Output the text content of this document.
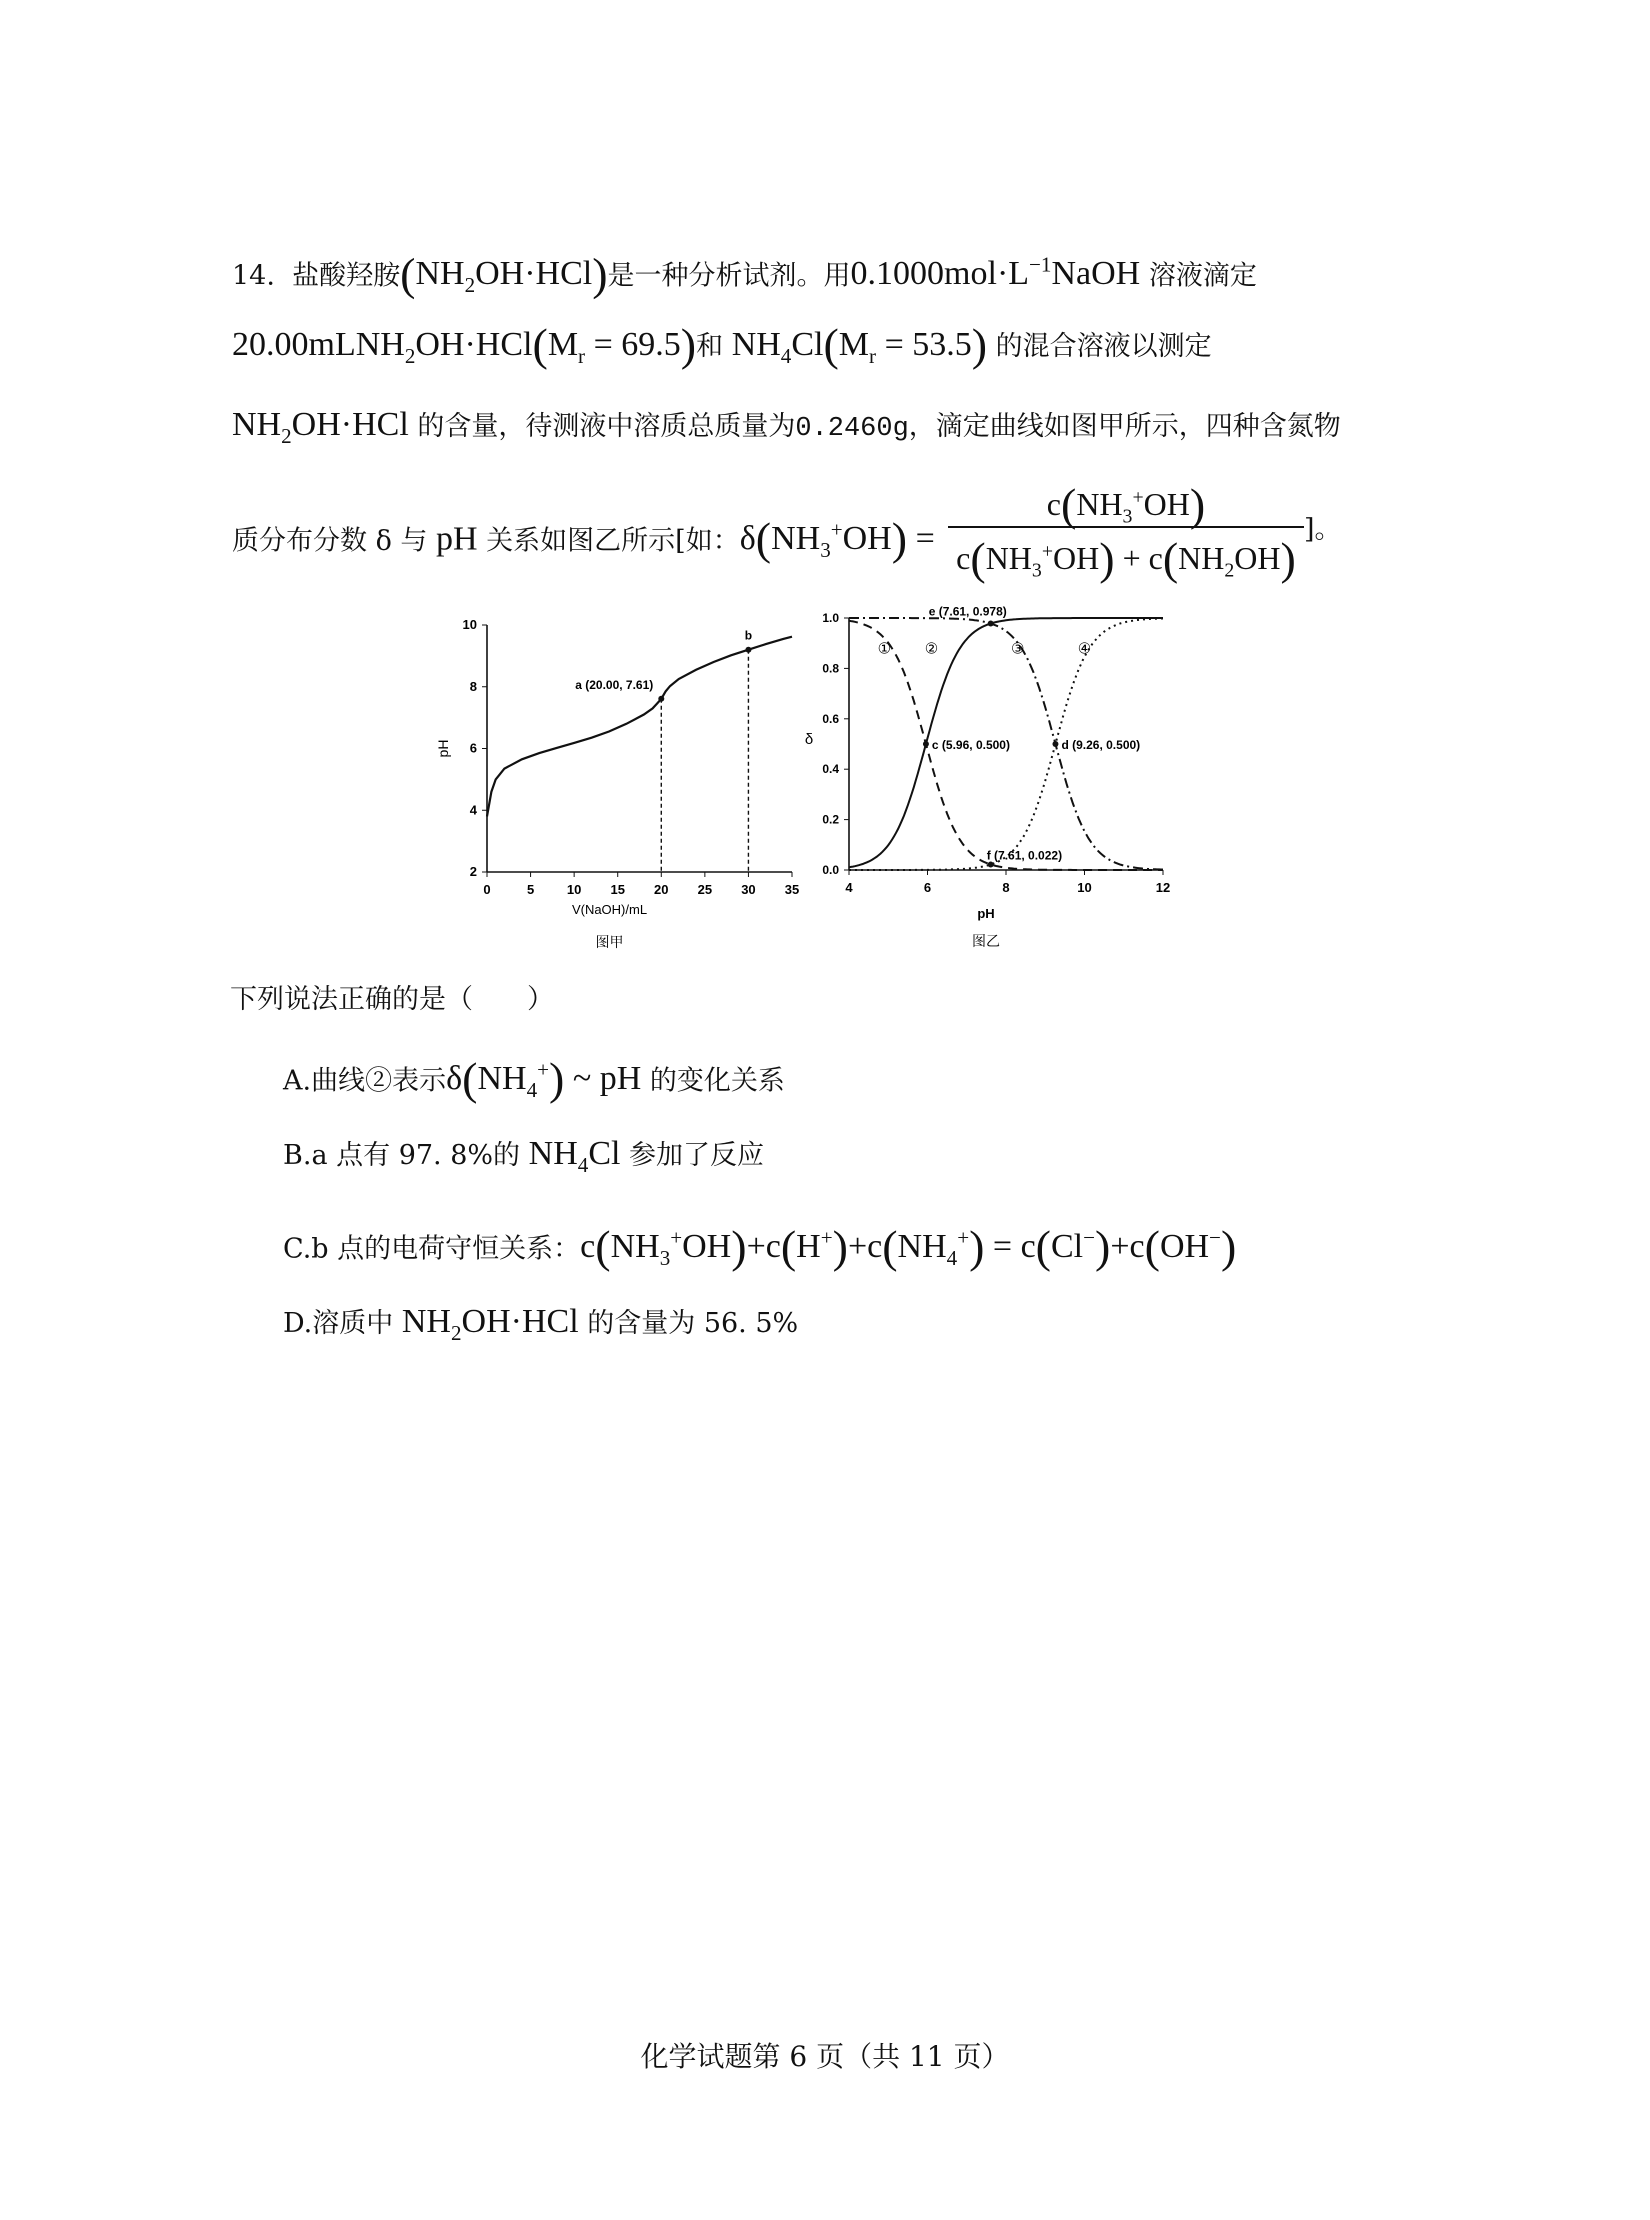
14. 盐酸羟胺$(NH_2OH\cdot HCl)$是一种分析试剂。用$0.1000mol\cdot L^{-1}NaOH$ 溶液滴定
$20.00mLNH_2OH\cdot HCl(M_r = 69.5)$和 $NH_4Cl(M_r = 53.5)$ 的混合溶液以测定
$NH_2OH\cdot HCl$ 的含量，待测液中溶质总质量为0.2460g，滴定曲线如图甲所示，四种含氮物
质分布分数 δ 与 pH 关系如图乙所示[如：$\delta(NH_3^+OH)$ =
$c(NH_3^+OH)$
$c(NH_3^+OH) + c(NH_2OH)$
]。
0	5	10 15 20 25 30 35
2
4
6
8
10
V(NaOH)/mL
pH
图甲
a (20.00, 7.61)
b
4	6	8	10	12
0.0
0.2
0.4
0.6
0.8
1.0
pH
δ
图乙
① ②	③	④
e (7.61, 0.978)
c (5.96, 0.500)	d (9.26, 0.500)
f (7.61, 0.022)
下列说法正确的是（　　）
A.曲线②表示$\delta(NH_4^+)$ ~ pH 的变化关系
B.a 点有 97. 8%的 $NH_4Cl$ 参加了反应
C.b 点的电荷守恒关系：$c(NH_3^+OH)+c(H^+)+c(NH_4^+) = c(Cl^-)+c(OH^-)$
D.溶质中 $NH_2OH\cdot HCl$ 的含量为 56. 5%
化学试题第 6 页（共 11 页）
